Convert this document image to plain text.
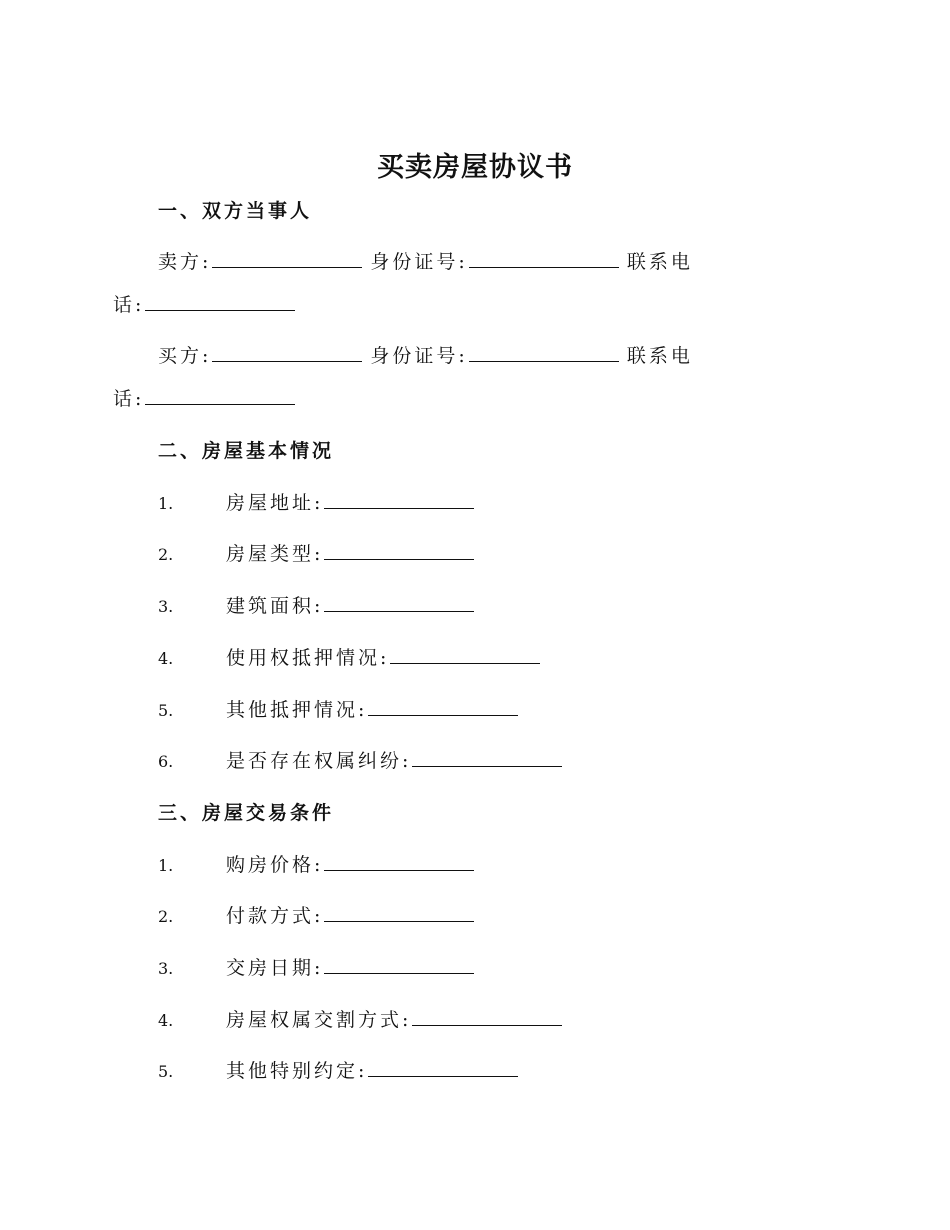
买卖房屋协议书
一、双方当事人
卖方:	身份证号:	联系电
话:
买方:	身份证号:	联系电
话:
二、房屋基本情况
1.	房屋地址:
2.	房屋类型:
3.	建筑面积:
4.	使用权抵押情况:
5.	其他抵押情况:
6.	是否存在权属纠纷:
三、房屋交易条件
1.	购房价格:
2.	付款方式:
3.	交房日期:
4.	房屋权属交割方式:
5.	其他特别约定:
